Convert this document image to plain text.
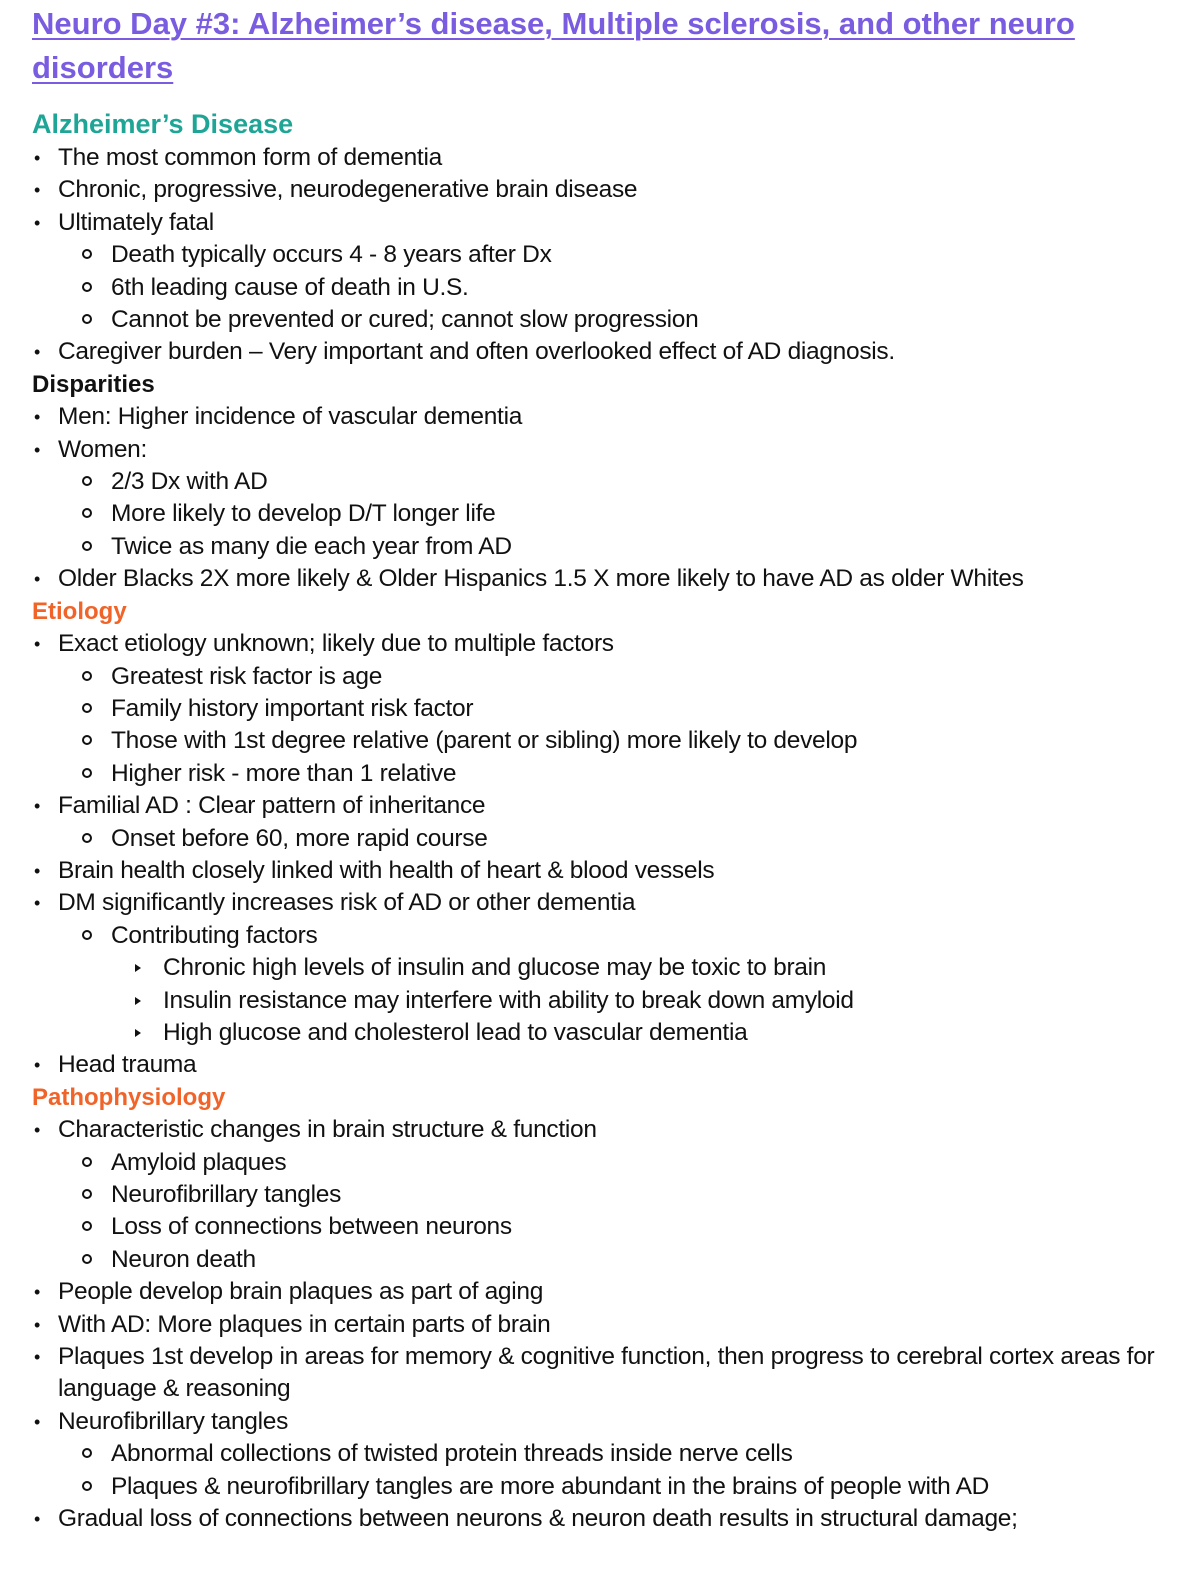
Neuro Day #3: Alzheimer’s disease, Multiple sclerosis, and other neuro disorders
Alzheimer’s Disease
• The most common form of dementia
• Chronic, progressive, neurodegenerative brain disease
• Ultimately fatal
Death typically occurs 4 - 8 years after Dx
6th leading cause of death in U.S.
Cannot be prevented or cured; cannot slow progression
• Caregiver burden – Very important and often overlooked effect of AD diagnosis.
Disparities
• Men: Higher incidence of vascular dementia
• Women:
2/3 Dx with AD
More likely to develop D/T longer life
Twice as many die each year from AD
• Older Blacks 2X more likely & Older Hispanics 1.5 X more likely to have AD as older Whites
Etiology
• Exact etiology unknown; likely due to multiple factors
Greatest risk factor is age
Family history important risk factor
Those with 1st degree relative (parent or sibling) more likely to develop
Higher risk - more than 1 relative
• Familial AD : Clear pattern of inheritance
Onset before 60, more rapid course
• Brain health closely linked with health of heart & blood vessels
• DM significantly increases risk of AD or other dementia
Contributing factors
Chronic high levels of insulin and glucose may be toxic to brain
Insulin resistance may interfere with ability to break down amyloid
High glucose and cholesterol lead to vascular dementia
• Head trauma
Pathophysiology
• Characteristic changes in brain structure & function
Amyloid plaques
Neurofibrillary tangles
Loss of connections between neurons
Neuron death
• People develop brain plaques as part of aging
• With AD: More plaques in certain parts of brain
• Plaques 1st develop in areas for memory & cognitive function, then progress to cerebral cortex areas for language & reasoning
• Neurofibrillary tangles
Abnormal collections of twisted protein threads inside nerve cells
Plaques & neurofibrillary tangles are more abundant in the brains of people with AD
• Gradual loss of connections between neurons & neuron death results in structural damage;
